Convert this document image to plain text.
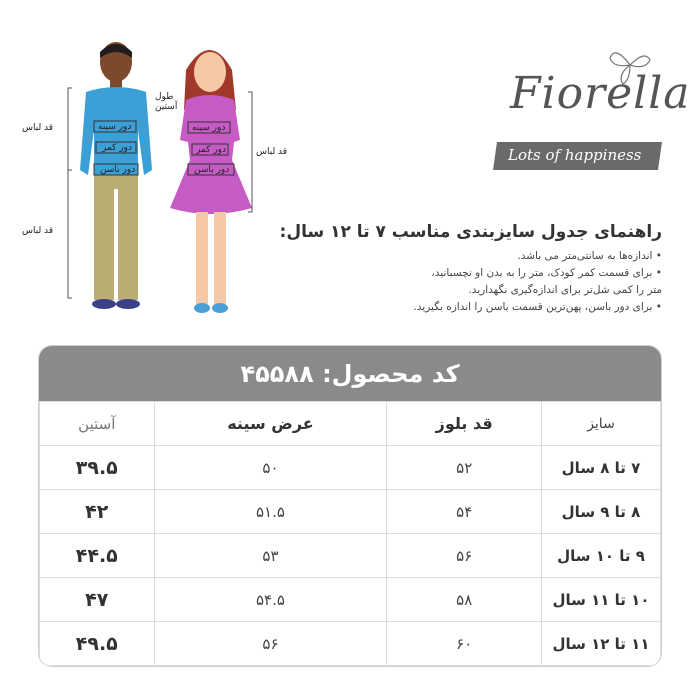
قد لباس
قد لباس
طول
آستین
دور سینه
دور کمر
دور باسن
قد لباس
دور سینه
دور کمر
دور باسن
Fiorella
Lots of happiness
راهنمای جدول سایزبندی مناسب ۷ تا ۱۲ سال:
• اندازه‌ها به سانتی‌متر می باشد.
• برای قسمت کمر کودک، متر را به بدن او نچسبانید،
متر را کمی شل‌تر برای اندازه‌گیری نگهدارید.
• برای دور باسن، پهن‌ترین قسمت باسن را اندازه بگیرید.
کد محصول: ۴۵۵۸۸
سایز	قد بلوز	عرض سینه	آستین
۷ تا ۸ سال	۵۲	۵۰	۳۹.۵
۸ تا ۹ سال	۵۴	۵۱.۵	۴۲
۹ تا ۱۰ سال	۵۶	۵۳	۴۴.۵
۱۰ تا ۱۱ سال	۵۸	۵۴.۵	۴۷
۱۱ تا ۱۲ سال	۶۰	۵۶	۴۹.۵
